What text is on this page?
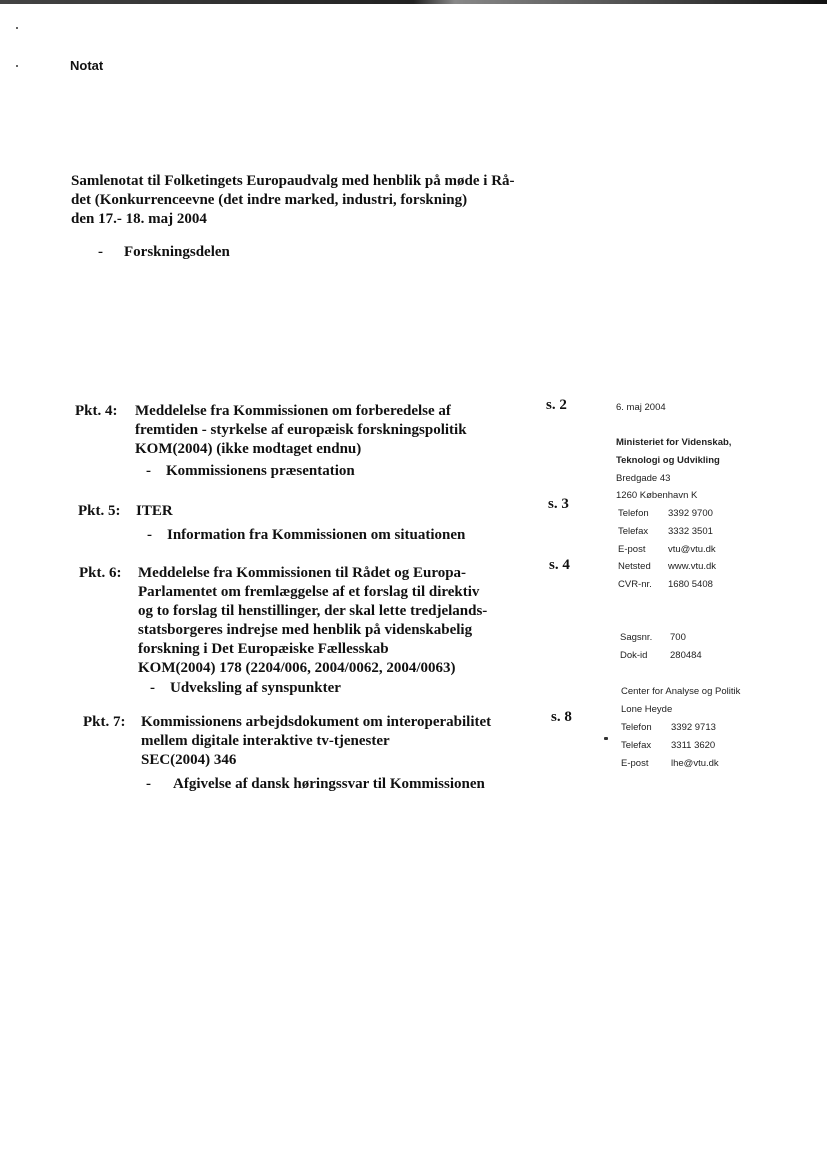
Notat
Samlenotat til Folketingets Europaudvalg med henblik på møde i Rå-
det (Konkurrenceevne (det indre marked, industri, forskning)
den 17.- 18. maj 2004
- Forskningsdelen
Pkt. 4: Meddelelse fra Kommissionen om forberedelse af
fremtiden - styrkelse af europæisk forskningspolitik
KOM(2004) (ikke modtaget endnu)
- Kommissionens præsentation
s. 2
Pkt. 5: ITER
- Information fra Kommissionen om situationen
s. 3
Pkt. 6: Meddelelse fra Kommissionen til Rådet og Europa-
Parlamentet om fremlæggelse af et forslag til direktiv
og to forslag til henstillinger, der skal lette tredjelands-
statsborgeres indrejse med henblik på videnskabelig
forskning i Det Europæiske Fællesskab
KOM(2004) 178 (2204/006, 2004/0062, 2004/0063)
- Udveksling af synspunkter
s. 4
Pkt. 7: Kommissionens arbejdsdokument om interoperabilitet
mellem digitale interaktive tv-tjenester
SEC(2004) 346
- Afgivelse af dansk høringssvar til Kommissionen
s. 8
6. maj 2004
Ministeriet for Videnskab,
Teknologi og Udvikling
Bredgade 43
1260 København K
Telefon 3392 9700
Telefax 3332 3501
E-post vtu@vtu.dk
Netsted www.vtu.dk
CVR-nr. 1680 5408
Sagsnr. 700
Dok-id 280484
Center for Analyse og Politik
Lone Heyde
Telefon 3392 9713
Telefax 3311 3620
E-post lhe@vtu.dk
